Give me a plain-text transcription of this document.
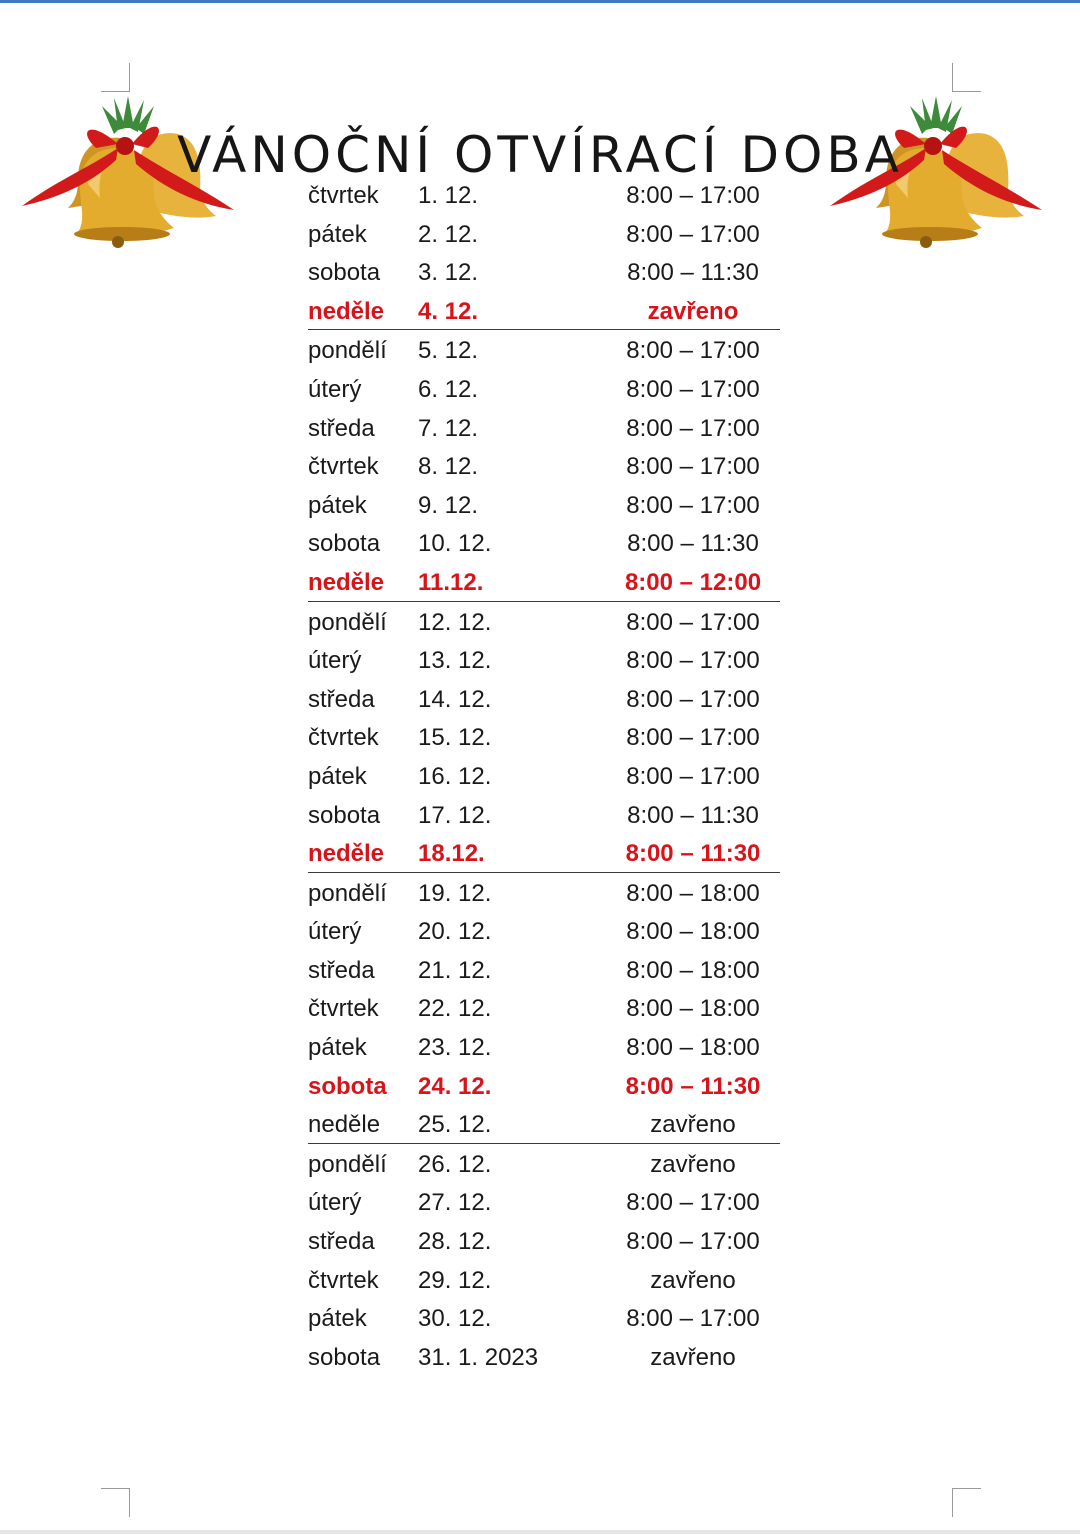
VÁNOČNÍ OTVÍRACÍ DOBA
čtvrtek 1. 12.	8:00 – 17:00
pátek 2. 12.	8:00 – 17:00
sobota 3. 12.	8:00 – 11:30
neděle 4. 12.	zavřeno
pondělí 5. 12.	8:00 – 17:00
úterý 6. 12.	8:00 – 17:00
středa 7. 12.	8:00 – 17:00
čtvrtek 8. 12.	8:00 – 17:00
pátek 9. 12.	8:00 – 17:00
sobota 10. 12.	8:00 – 11:30
neděle 11.12.	8:00 – 12:00
pondělí 12. 12.	8:00 – 17:00
úterý 13. 12.	8:00 – 17:00
středa 14. 12.	8:00 – 17:00
čtvrtek 15. 12.	8:00 – 17:00
pátek 16. 12.	8:00 – 17:00
sobota 17. 12.	8:00 – 11:30
neděle 18.12.	8:00 – 11:30
pondělí 19. 12.	8:00 – 18:00
úterý 20. 12.	8:00 – 18:00
středa 21. 12.	8:00 – 18:00
čtvrtek 22. 12.	8:00 – 18:00
pátek 23. 12.	8:00 – 18:00
sobota 24. 12.	8:00 – 11:30
neděle 25. 12.	zavřeno
pondělí 26. 12.	zavřeno
úterý 27. 12.	8:00 – 17:00
středa 28. 12.	8:00 – 17:00
čtvrtek 29. 12.	zavřeno
pátek 30. 12.	8:00 – 17:00
sobota 31. 1. 2023	zavřeno
